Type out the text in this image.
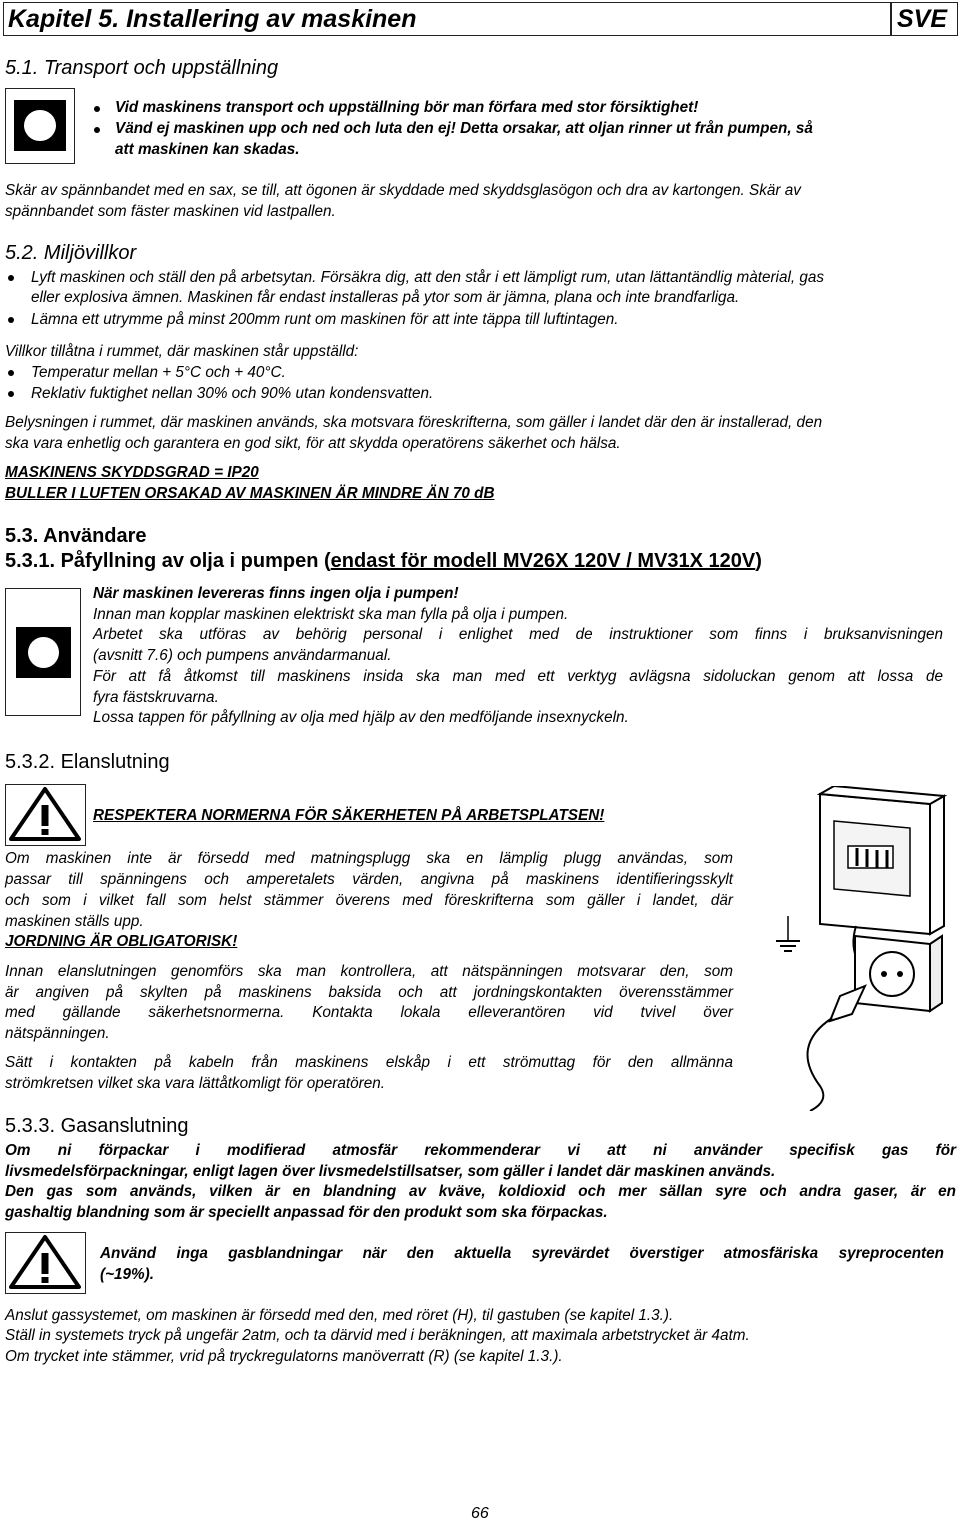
Kapitel 5. Installering av maskinen	SVE
5.1. Transport och uppställning
Vid maskinens transport och uppställning bör man förfara med stor försiktighet!
Vänd ej maskinen upp och ned och luta den ej! Detta orsakar, att oljan rinner ut från pumpen, så
att maskinen kan skadas.
Skär av spännbandet med en sax, se till, att ögonen är skyddade med skyddsglasögon och dra av kartongen. Skär av
spännbandet som fäster maskinen vid lastpallen.
5.2. Miljövillkor
Lyft maskinen och ställ den på arbetsytan. Försäkra dig, att den står i ett lämpligt rum, utan lättantändlig màterial, gas
eller explosiva ämnen. Maskinen får endast installeras på ytor som är jämna, plana och inte brandfarliga.
Lämna ett utrymme på minst 200mm runt om maskinen för att inte täppa till luftintagen.
Villkor tillåtna i rummet, där maskinen står uppställd:
Temperatur mellan + 5°C och + 40°C.
Reklativ fuktighet nellan 30% och 90% utan kondensvatten.
Belysningen i rummet, där maskinen används, ska motsvara föreskrifterna, som gäller i landet där den är installerad, den
ska vara enhetlig och garantera en god sikt, för att skydda operatörens säkerhet och hälsa.
MASKINENS SKYDDSGRAD = IP20
BULLER I LUFTEN ORSAKAD AV MASKINEN ÄR MINDRE ÄN 70 dB
5.3. Användare
5.3.1. Påfyllning av olja i pumpen (endast för modell MV26X 120V / MV31X 120V)
När maskinen levereras finns ingen olja i pumpen!
Innan man kopplar maskinen elektriskt ska man fylla på olja i pumpen.
Arbetet ska utföras av behörig personal i enlighet med de instruktioner som finns i bruksanvisningen
(avsnitt 7.6) och pumpens användarmanual.
För att få åtkomst till maskinens insida ska man med ett verktyg avlägsna sidoluckan genom att lossa de
fyra fästskruvarna.
Lossa tappen för påfyllning av olja med hjälp av den medföljande insexnyckeln.
5.3.2. Elanslutning
RESPEKTERA NORMERNA FÖR SÄKERHETEN PÅ ARBETSPLATSEN!
Om maskinen inte är försedd med matningsplugg ska en lämplig plugg användas, som
passar till spänningens och amperetalets värden, angivna på maskinens identifieringsskylt
och som i vilket fall som helst stämmer överens med föreskrifterna som gäller i landet, där
maskinen ställs upp.
JORDNING ÄR OBLIGATORISK!
Innan elanslutningen genomförs ska man kontrollera, att nätspänningen motsvarar den, som
är angiven på skylten på maskinens baksida och att jordningskontakten överensstämmer
med gällande säkerhetsnormerna. Kontakta lokala elleverantören vid tvivel över
nätspänningen.
Sätt i kontakten på kabeln från maskinens elskåp i ett strömuttag för den allmänna
strömkretsen vilket ska vara lättåtkomligt för operatören.
5.3.3. Gasanslutning
Om ni förpackar i modifierad atmosfär rekommenderar vi att ni använder specifisk gas för
livsmedelsförpackningar, enligt lagen över livsmedelstillsatser, som gäller i landet där maskinen används.
Den gas som används, vilken är en blandning av kväve, koldioxid och mer sällan syre och andra gaser, är en
gashaltig blandning som är speciellt anpassad för den produkt som ska förpackas.
Använd inga gasblandningar när den aktuella syrevärdet överstiger atmosfäriska syreprocenten
(~19%).
Anslut gassystemet, om maskinen är försedd med den, med röret (H), til gastuben (se kapitel 1.3.).
Ställ in systemets tryck på ungefär 2atm, och ta därvid med i beräkningen, att maximala arbetstrycket är 4atm.
Om trycket inte stämmer, vrid på tryckregulatorns manöverratt (R) (se kapitel 1.3.).
66
